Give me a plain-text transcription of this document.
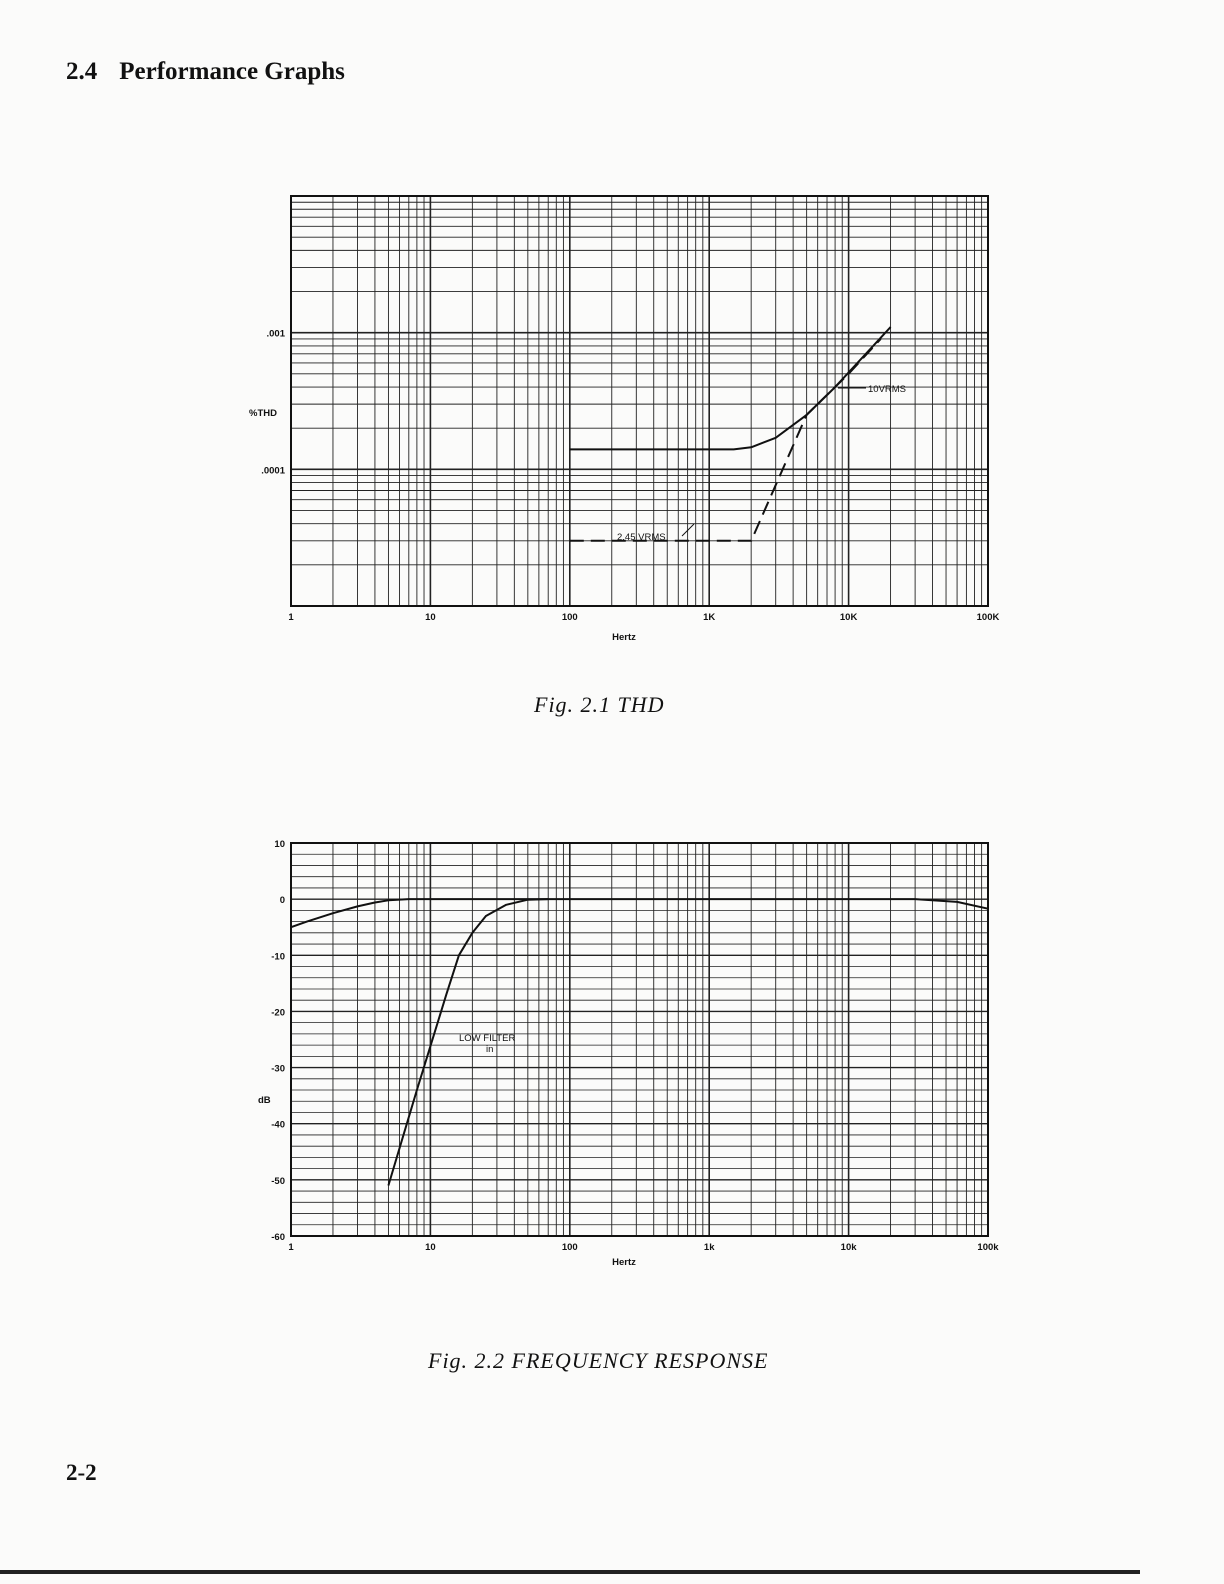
2.4 Performance Graphs
%THD
Hertz
1	10	100	1K	10K	100K
.001
.0001
10VRMS
2.45 VRMS

Fig. 2.1 THD

dB
Hertz
1	10	100	1k	10k	100k
10
0
-10
-20
-30
-40
-50
-60
LOW FILTER
in

Fig. 2.2 FREQUENCY RESPONSE

2-2
